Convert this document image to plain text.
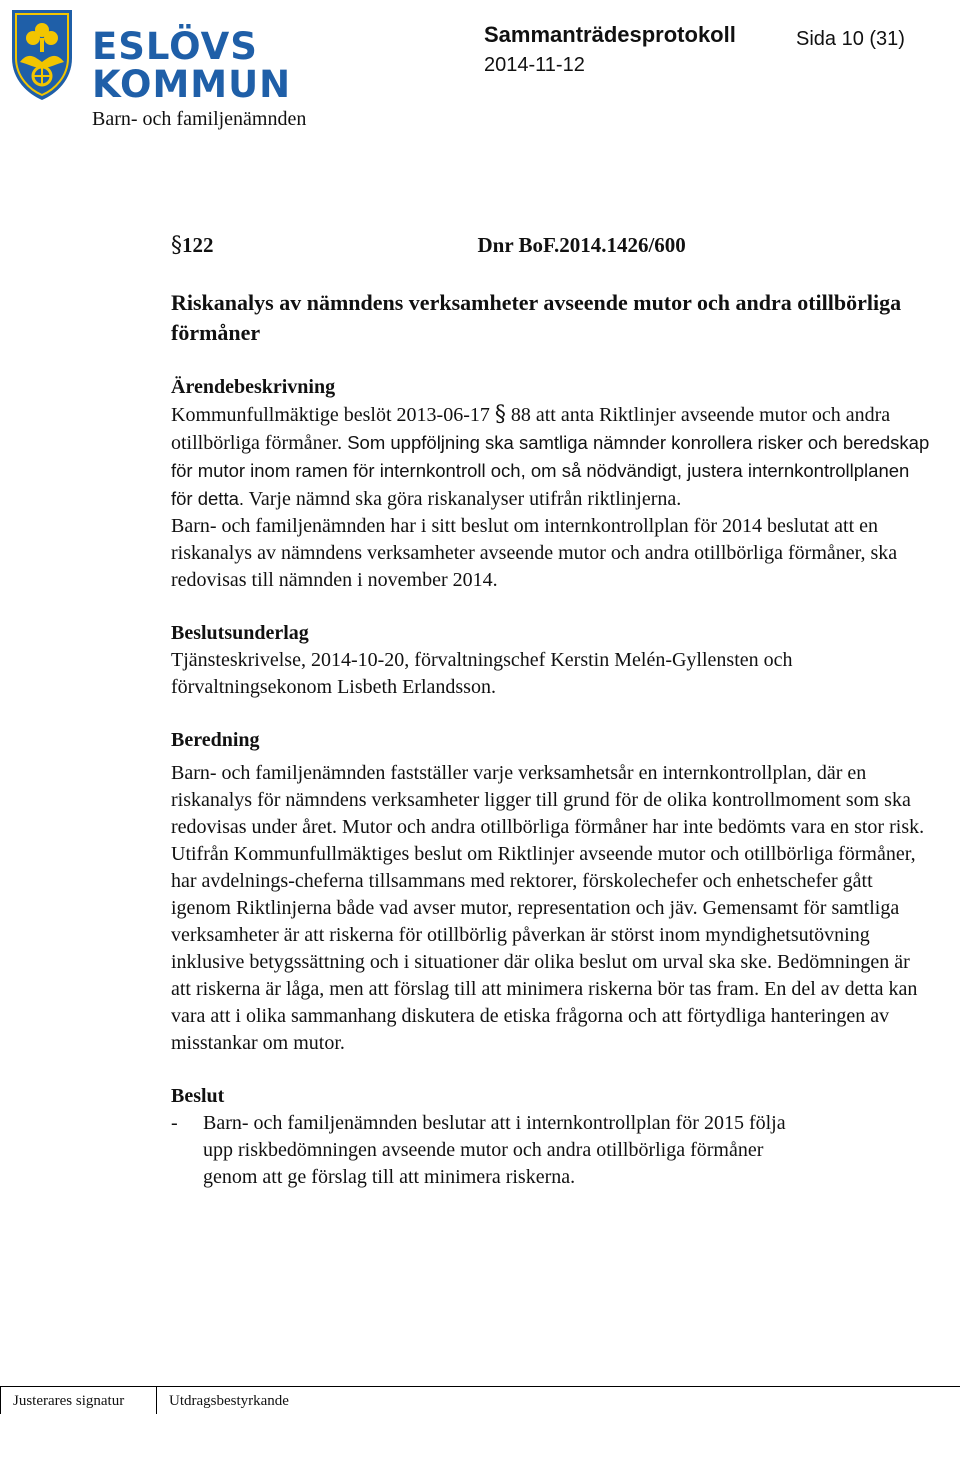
ESLÖVS
KOMMUN
Barn- och familjenämnden
Sammanträdesprotokoll	Sida 10 (31)
2014-11-12
§ 122	Dnr BoF.2014.1426/600

Riskanalys av nämndens verksamheter avseende mutor och andra otillbörliga förmåner

Ärendebeskrivning

Kommunfullmäktige beslöt 2013-06-17 § 88 att anta Riktlinjer avseende mutor och andra otillbörliga förmåner. Som uppföljning ska samtliga nämnder konrollera risker och beredskap för mutor inom ramen för internkontroll och, om så nödvändigt, justera internkontrollplanen för detta. Varje nämnd ska göra riskanalyser utifrån riktlinjerna.

Barn- och familjenämnden har i sitt beslut om internkontrollplan för 2014 beslutat att en riskanalys av nämndens verksamheter avseende mutor och andra otillbörliga förmåner, ska redovisas till nämnden i november 2014.

Beslutsunderlag

Tjänsteskrivelse, 2014-10-20, förvaltningschef Kerstin Melén-Gyllensten och förvaltningsekonom Lisbeth Erlandsson.

Beredning

Barn- och familjenämnden fastställer varje verksamhetsår en internkontrollplan, där en riskanalys för nämndens verksamheter ligger till grund för de olika kontrollmoment som ska redovisas under året. Mutor och andra otillbörliga förmåner har inte bedömts vara en stor risk. Utifrån Kommunfullmäktiges beslut om Riktlinjer avseende mutor och otillbörliga förmåner, har avdelnings-cheferna tillsammans med rektorer, förskolechefer och enhetschefer gått igenom Riktlinjerna både vad avser mutor, representation och jäv. Gemensamt för samtliga verksamheter är att riskerna för otillbörlig påverkan är störst inom myndighetsutövning inklusive betygssättning och i situationer där olika beslut om urval ska ske. Bedömningen är att riskerna är låga, men att förslag till att minimera riskerna bör tas fram. En del av detta kan vara att i olika sammanhang diskutera de etiska frågorna och att förtydliga hanteringen av misstankar om mutor.

Beslut

-	Barn- och familjenämnden beslutar att i internkontrollplan för 2015 följa upp riskbedömningen avseende mutor och andra otillbörliga förmåner genom att ge förslag till att minimera riskerna.
Justerares signatur	Utdragsbestyrkande
